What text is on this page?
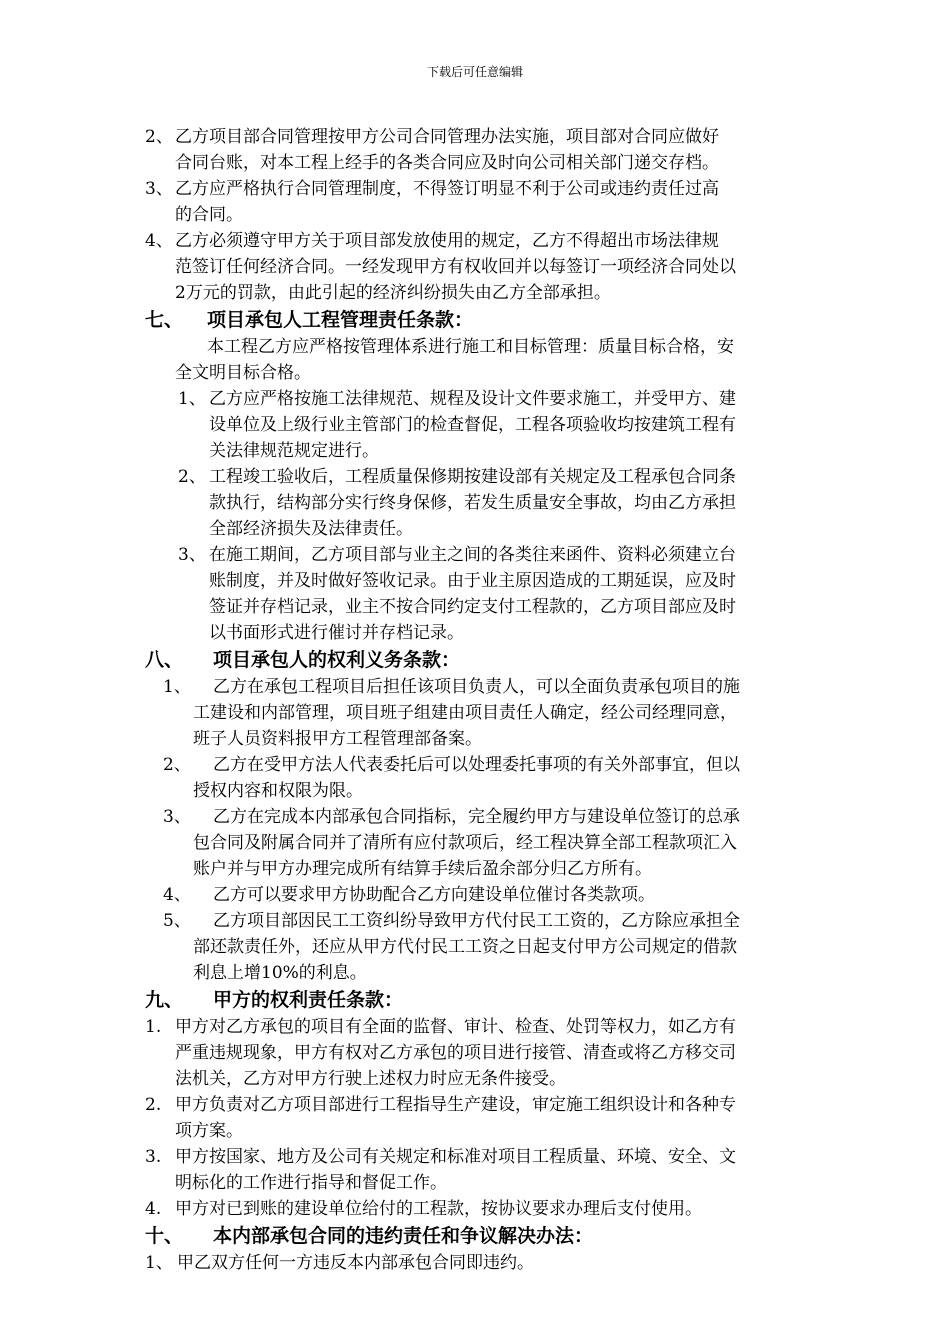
下载后可任意编辑
2、 乙方项目部合同管理按甲方公司合同管理办法实施，项目部对合同应做好
合同台账，对本工程上经手的各类合同应及时向公司相关部门递交存档。
3、 乙方应严格执行合同管理制度，不得签订明显不利于公司或违约责任过高
的合同。
4、 乙方必须遵守甲方关于项目部发放使用的规定，乙方不得超出市场法律规
范签订任何经济合同。一经发现甲方有权收回并以每签订一项经济合同处以
2万元的罚款，由此引起的经济纠纷损失由乙方全部承担。
七、 项目承包人工程管理责任条款：
本工程乙方应严格按管理体系进行施工和目标管理：质量目标合格，安
全文明目标合格。
1、 乙方应严格按施工法律规范、规程及设计文件要求施工，并受甲方、建
设单位及上级行业主管部门的检查督促，工程各项验收均按建筑工程有
关法律规范规定进行。
2、 工程竣工验收后，工程质量保修期按建设部有关规定及工程承包合同条
款执行，结构部分实行终身保修，若发生质量安全事故，均由乙方承担
全部经济损失及法律责任。
3、 在施工期间，乙方项目部与业主之间的各类往来函件、资料必须建立台
账制度，并及时做好签收记录。由于业主原因造成的工期延误，应及时
签证并存档记录，业主不按合同约定支付工程款的，乙方项目部应及时
以书面形式进行催讨并存档记录。
八、 项目承包人的权利义务条款：
1、	乙方在承包工程项目后担任该项目负责人，可以全面负责承包项目的施
工建设和内部管理，项目班子组建由项目责任人确定，经公司经理同意，
班子人员资料报甲方工程管理部备案。
2、	乙方在受甲方法人代表委托后可以处理委托事项的有关外部事宜，但以
授权内容和权限为限。
3、	乙方在完成本内部承包合同指标，完全履约甲方与建设单位签订的总承
包合同及附属合同并了清所有应付款项后，经工程决算全部工程款项汇入
账户并与甲方办理完成所有结算手续后盈余部分归乙方所有。
4、	乙方可以要求甲方协助配合乙方向建设单位催讨各类款项。
5、	乙方项目部因民工工资纠纷导致甲方代付民工工资的，乙方除应承担全
部还款责任外，还应从甲方代付民工工资之日起支付甲方公司规定的借款
利息上增10%的利息。
九、 甲方的权利责任条款：
1. 甲方对乙方承包的项目有全面的监督、审计、检查、处罚等权力，如乙方有
严重违规现象，甲方有权对乙方承包的项目进行接管、清查或将乙方移交司
法机关，乙方对甲方行驶上述权力时应无条件接受。
2. 甲方负责对乙方项目部进行工程指导生产建设，审定施工组织设计和各种专
项方案。
3. 甲方按国家、地方及公司有关规定和标准对项目工程质量、环境、安全、文
明标化的工作进行指导和督促工作。
4. 甲方对已到账的建设单位给付的工程款，按协议要求办理后支付使用。
十、 本内部承包合同的违约责任和争议解决办法：
1、 甲乙双方任何一方违反本内部承包合同即违约。
